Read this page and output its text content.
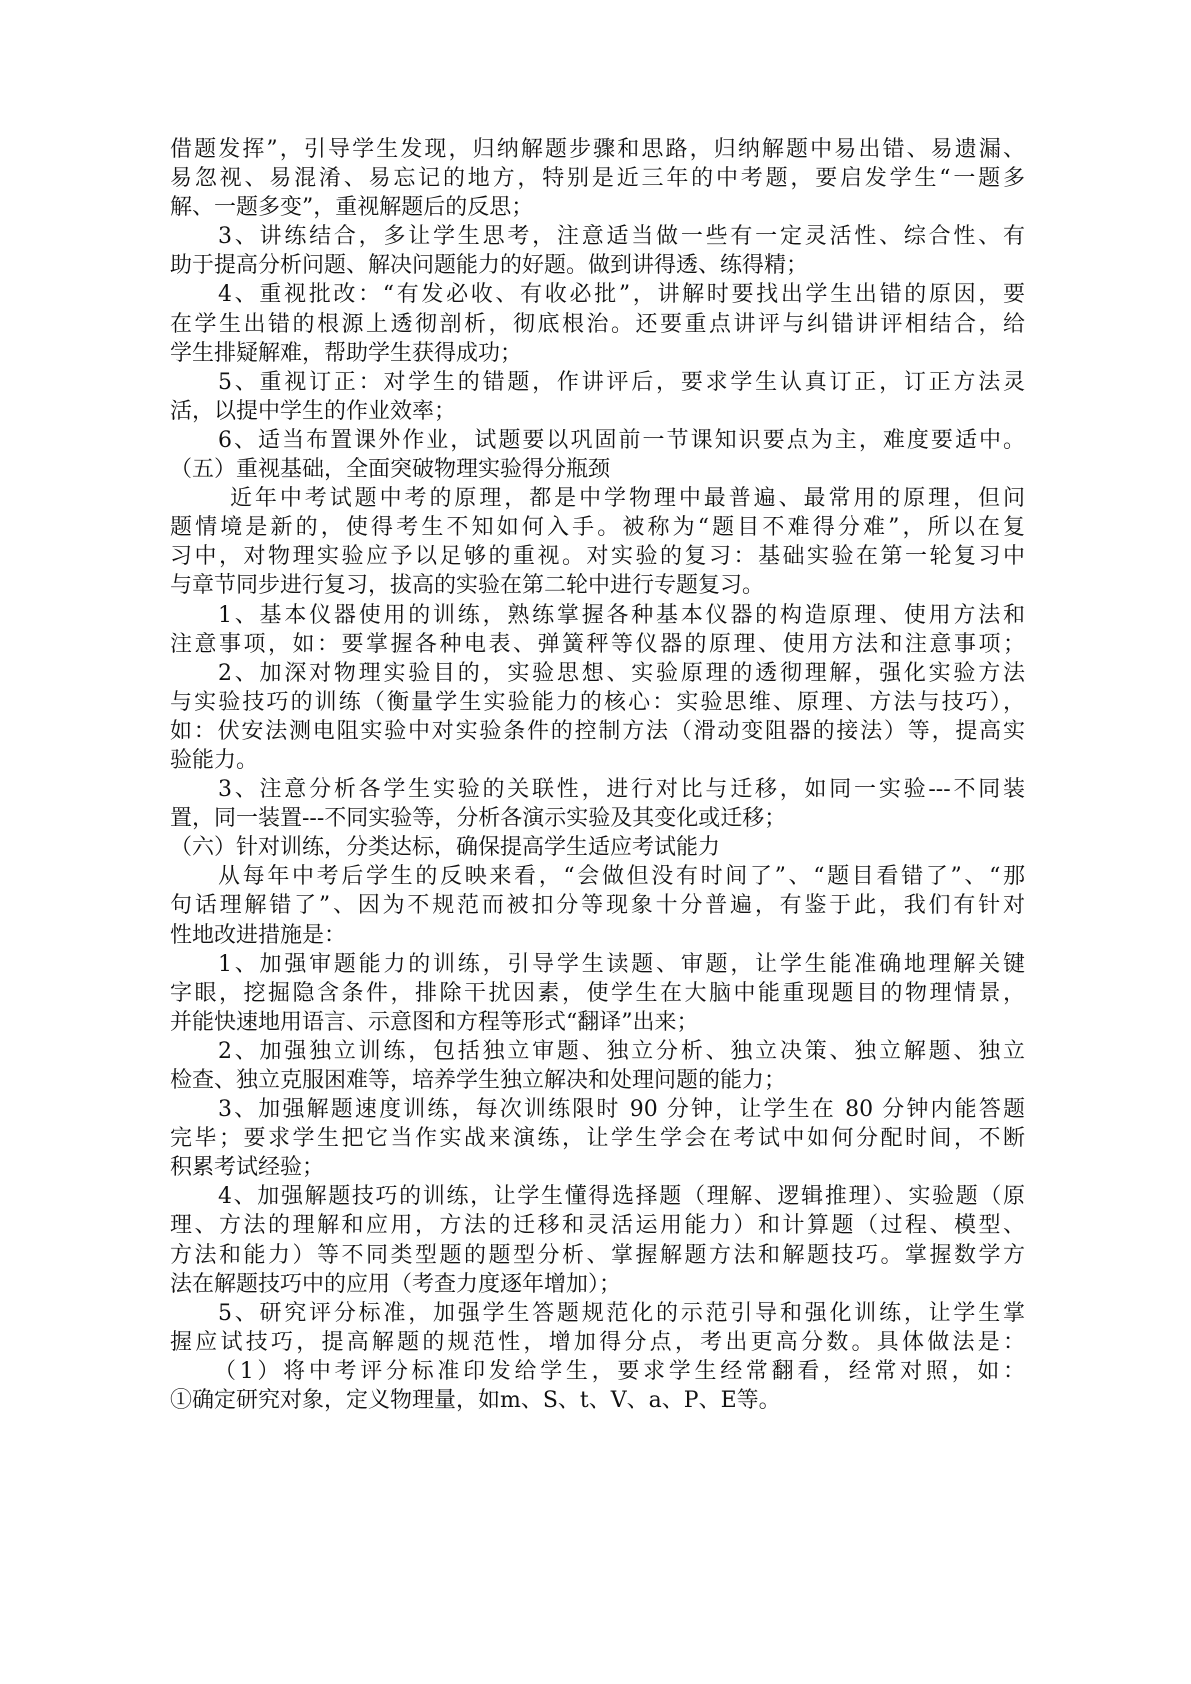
借题发挥”，引导学生发现，归纳解题步骤和思路，归纳解题中易出错、易遗漏、
易忽视、易混淆、易忘记的地方，特别是近三年的中考题，要启发学生“一题多
解、一题多变”，重视解题后的反思；
3、讲练结合，多让学生思考，注意适当做一些有一定灵活性、综合性、有
助于提高分析问题、解决问题能力的好题。做到讲得透、练得精；
4、重视批改：“有发必收、有收必批”，讲解时要找出学生出错的原因，要
在学生出错的根源上透彻剖析，彻底根治。还要重点讲评与纠错讲评相结合，给
学生排疑解难，帮助学生获得成功；
5、重视订正：对学生的错题，作讲评后，要求学生认真订正，订正方法灵
活，以提中学生的作业效率；
6、适当布置课外作业，试题要以巩固前一节课知识要点为主，难度要适中。
（五）重视基础，全面突破物理实验得分瓶颈
近年中考试题中考的原理，都是中学物理中最普遍、最常用的原理，但问
题情境是新的，使得考生不知如何入手。被称为“题目不难得分难”，所以在复
习中，对物理实验应予以足够的重视。对实验的复习：基础实验在第一轮复习中
与章节同步进行复习，拔高的实验在第二轮中进行专题复习。
1、基本仪器使用的训练，熟练掌握各种基本仪器的构造原理、使用方法和
注意事项，如：要掌握各种电表、弹簧秤等仪器的原理、使用方法和注意事项；
2、加深对物理实验目的，实验思想、实验原理的透彻理解，强化实验方法
与实验技巧的训练（衡量学生实验能力的核心：实验思维、原理、方法与技巧），
如：伏安法测电阻实验中对实验条件的控制方法（滑动变阻器的接法）等，提高实
验能力。
3、注意分析各学生实验的关联性，进行对比与迁移，如同一实验---不同装
置，同一装置---不同实验等，分析各演示实验及其变化或迁移；
（六）针对训练，分类达标，确保提高学生适应考试能力
从每年中考后学生的反映来看，“会做但没有时间了”、“题目看错了”、“那
句话理解错了”、因为不规范而被扣分等现象十分普遍，有鉴于此，我们有针对
性地改进措施是：
1、加强审题能力的训练，引导学生读题、审题，让学生能准确地理解关键
字眼，挖掘隐含条件，排除干扰因素，使学生在大脑中能重现题目的物理情景，
并能快速地用语言、示意图和方程等形式“翻译”出来；
2、加强独立训练，包括独立审题、独立分析、独立决策、独立解题、独立
检查、独立克服困难等，培养学生独立解决和处理问题的能力；
3、加强解题速度训练，每次训练限时 90 分钟，让学生在 80 分钟内能答题
完毕；要求学生把它当作实战来演练，让学生学会在考试中如何分配时间，不断
积累考试经验；
4、加强解题技巧的训练，让学生懂得选择题（理解、逻辑推理）、实验题（原
理、方法的理解和应用，方法的迁移和灵活运用能力）和计算题（过程、模型、
方法和能力）等不同类型题的题型分析、掌握解题方法和解题技巧。掌握数学方
法在解题技巧中的应用（考查力度逐年增加）；
5、研究评分标准，加强学生答题规范化的示范引导和强化训练，让学生掌
握应试技巧，提高解题的规范性，增加得分点，考出更高分数。具体做法是：
（1）将中考评分标准印发给学生，要求学生经常翻看，经常对照，如：
①确定研究对象，定义物理量，如m、S、t、V、a、P、E等。
